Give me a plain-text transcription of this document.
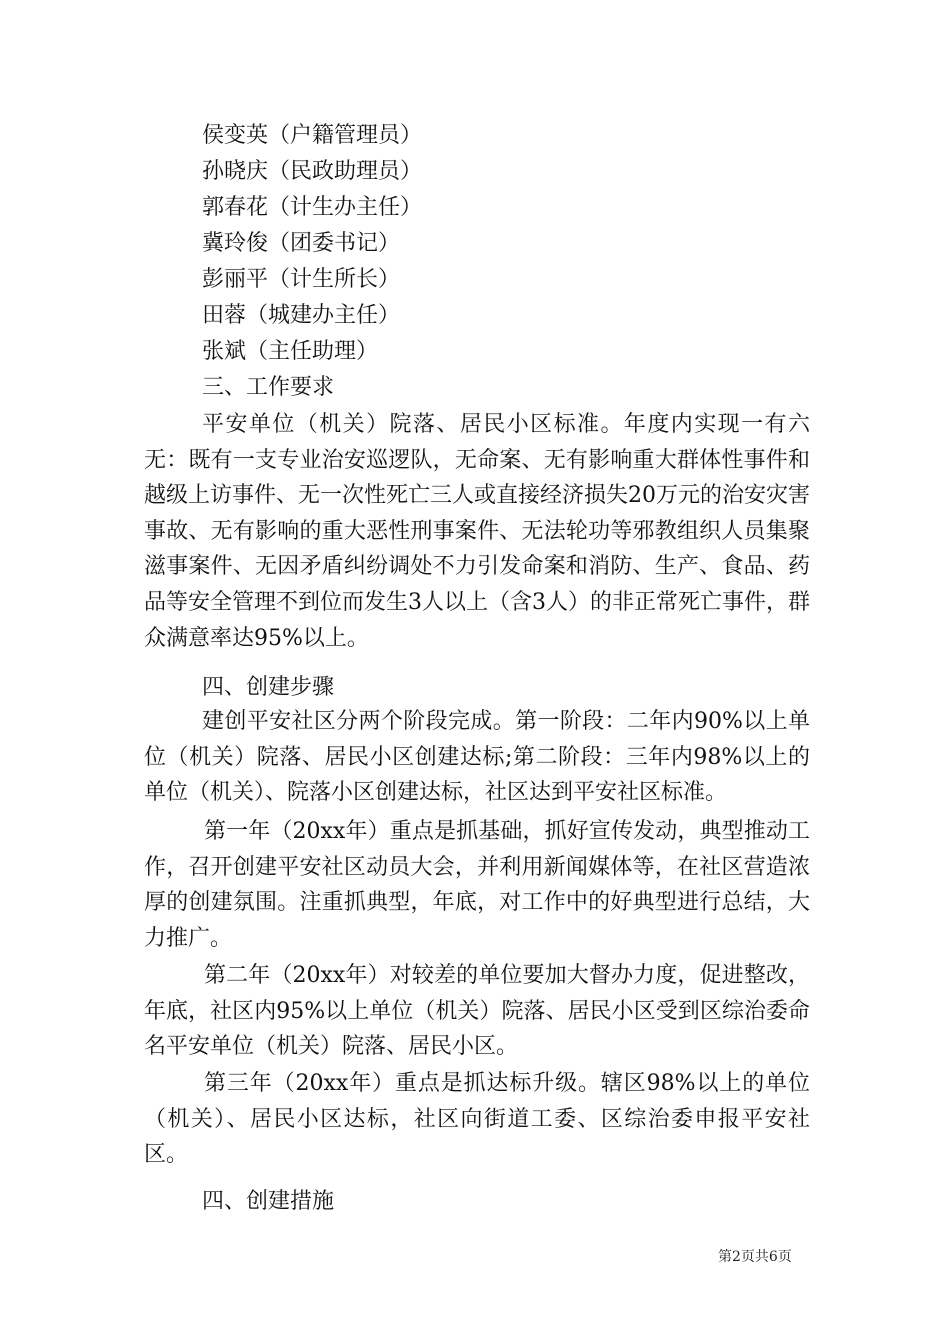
侯变英（户籍管理员）
孙晓庆（民政助理员）
郭春花（计生办主任）
冀玲俊（团委书记）
彭丽平（计生所长）
田蓉（城建办主任）
张斌（主任助理）
三、工作要求

平安单位（机关）院落、居民小区标准。年度内实现一有六无：既有一支专业治安巡逻队，无命案、无有影响重大群体性事件和越级上访事件、无一次性死亡三人或直接经济损失20万元的治安灾害事故、无有影响的重大恶性刑事案件、无法轮功等邪教组织人员集聚滋事案件、无因矛盾纠纷调处不力引发命案和消防、生产、食品、药品等安全管理不到位而发生3人以上（含3人）的非正常死亡事件，群众满意率达95%以上。

四、创建步骤

建创平安社区分两个阶段完成。第一阶段：二年内90%以上单位（机关）院落、居民小区创建达标;第二阶段：三年内98%以上的单位（机关）、院落小区创建达标，社区达到平安社区标准。

第一年（20xx年）重点是抓基础，抓好宣传发动，典型推动工作，召开创建平安社区动员大会，并利用新闻媒体等，在社区营造浓厚的创建氛围。注重抓典型，年底，对工作中的好典型进行总结，大力推广。

第二年（20xx年）对较差的单位要加大督办力度，促进整改，年底，社区内95%以上单位（机关）院落、居民小区受到区综治委命名平安单位（机关）院落、居民小区。

第三年（20xx年）重点是抓达标升级。辖区98%以上的单位（机关）、居民小区达标，社区向街道工委、区综治委申报平安社区。

四、创建措施
第2页共6页
